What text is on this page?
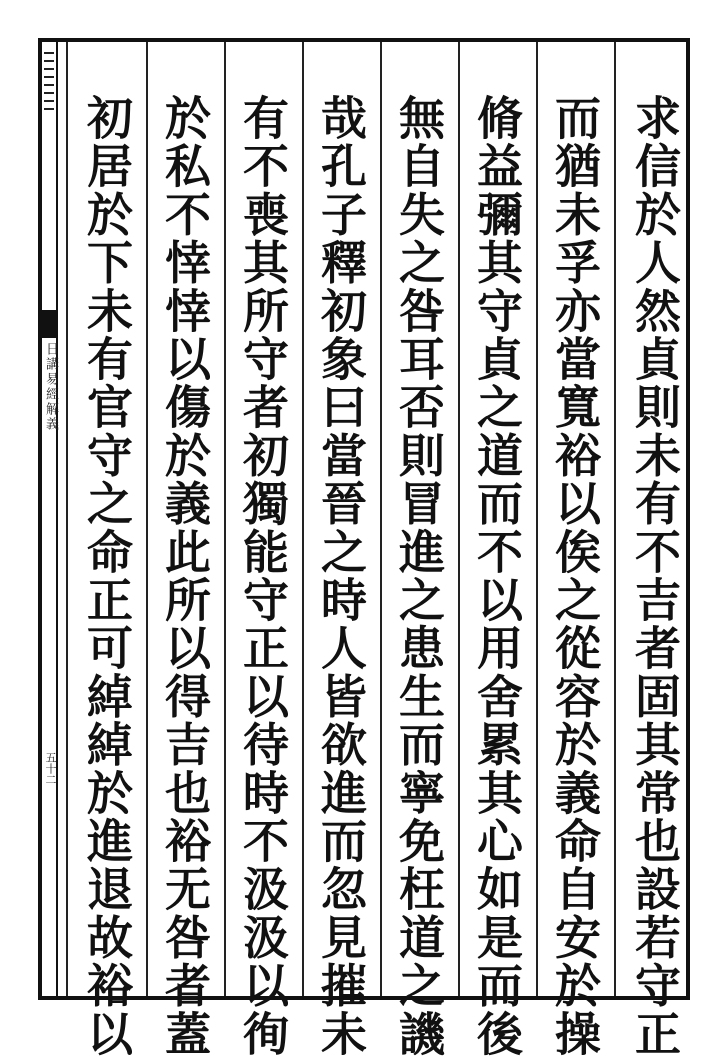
日講易經解義
五十二	求信於人然貞則未有不吉者固其常也設若守正
而猶未孚亦當寬裕以俟之從容於義命自安於操
脩益彌其守貞之道而不以用舍累其心如是而後
無自失之咎耳否則冒進之患生而寧免枉道之譏
哉孔子釋初象曰當晉之時人皆欲進而忽見摧未
有不喪其所守者初獨能守正以待時不汲汲以徇
於私不悻悻以傷於義此所以得吉也裕无咎者蓋
初居於下未有官守之命正可綽綽於進退故裕以
